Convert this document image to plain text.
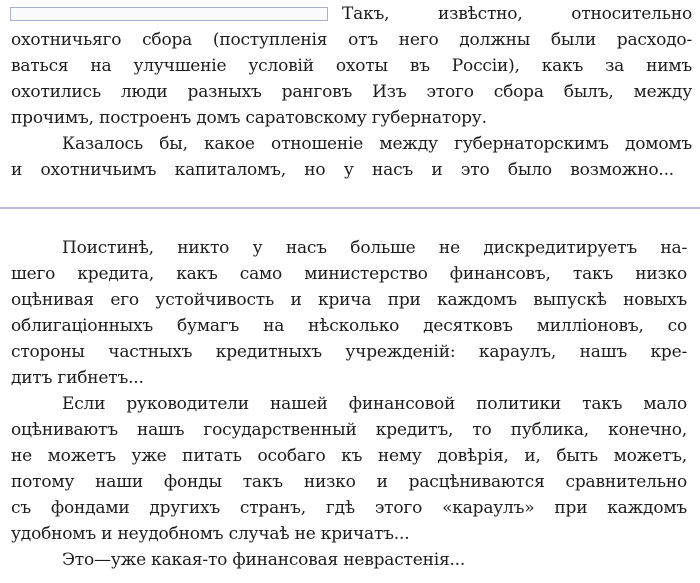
Такъ, извѣстно, относительно
охотничьяго сбора (поступленія отъ него должны были расходо-
ваться на улучшеніе условій охоты въ Россіи), какъ за нимъ
охотились люди разныхъ ранговъ Изъ этого сбора былъ, между
прочимъ, построенъ домъ саратовскому губернатору.
Казалось бы, какое отношеніе между губернаторскимъ домомъ
и охотничьимъ капиталомъ, но у насъ и это было возможно...
Поистинѣ, никто у насъ больше не дискредитируетъ на-
шего кредита, какъ само министерство финансовъ, такъ низко
оцѣнивая его устойчивость и крича при каждомъ выпускѣ новыхъ
облигаціонныхъ бумагъ на нѣсколько десятковъ милліоновъ, со
стороны частныхъ кредитныхъ учрежденій: караулъ, нашъ кре-
дитъ гибнетъ...
Если руководители нашей финансовой политики такъ мало
оцѣниваютъ нашъ государственный кредитъ, то публика, конечно,
не можетъ уже питать особаго къ нему довѣрія, и, быть можетъ,
потому наши фонды такъ низко и расцѣниваются сравнительно
съ фондами другихъ странъ, гдѣ этого «караулъ» при каждомъ
удобномъ и неудобномъ случаѣ не кричатъ...
Это—уже какая-то финансовая неврастенія...
